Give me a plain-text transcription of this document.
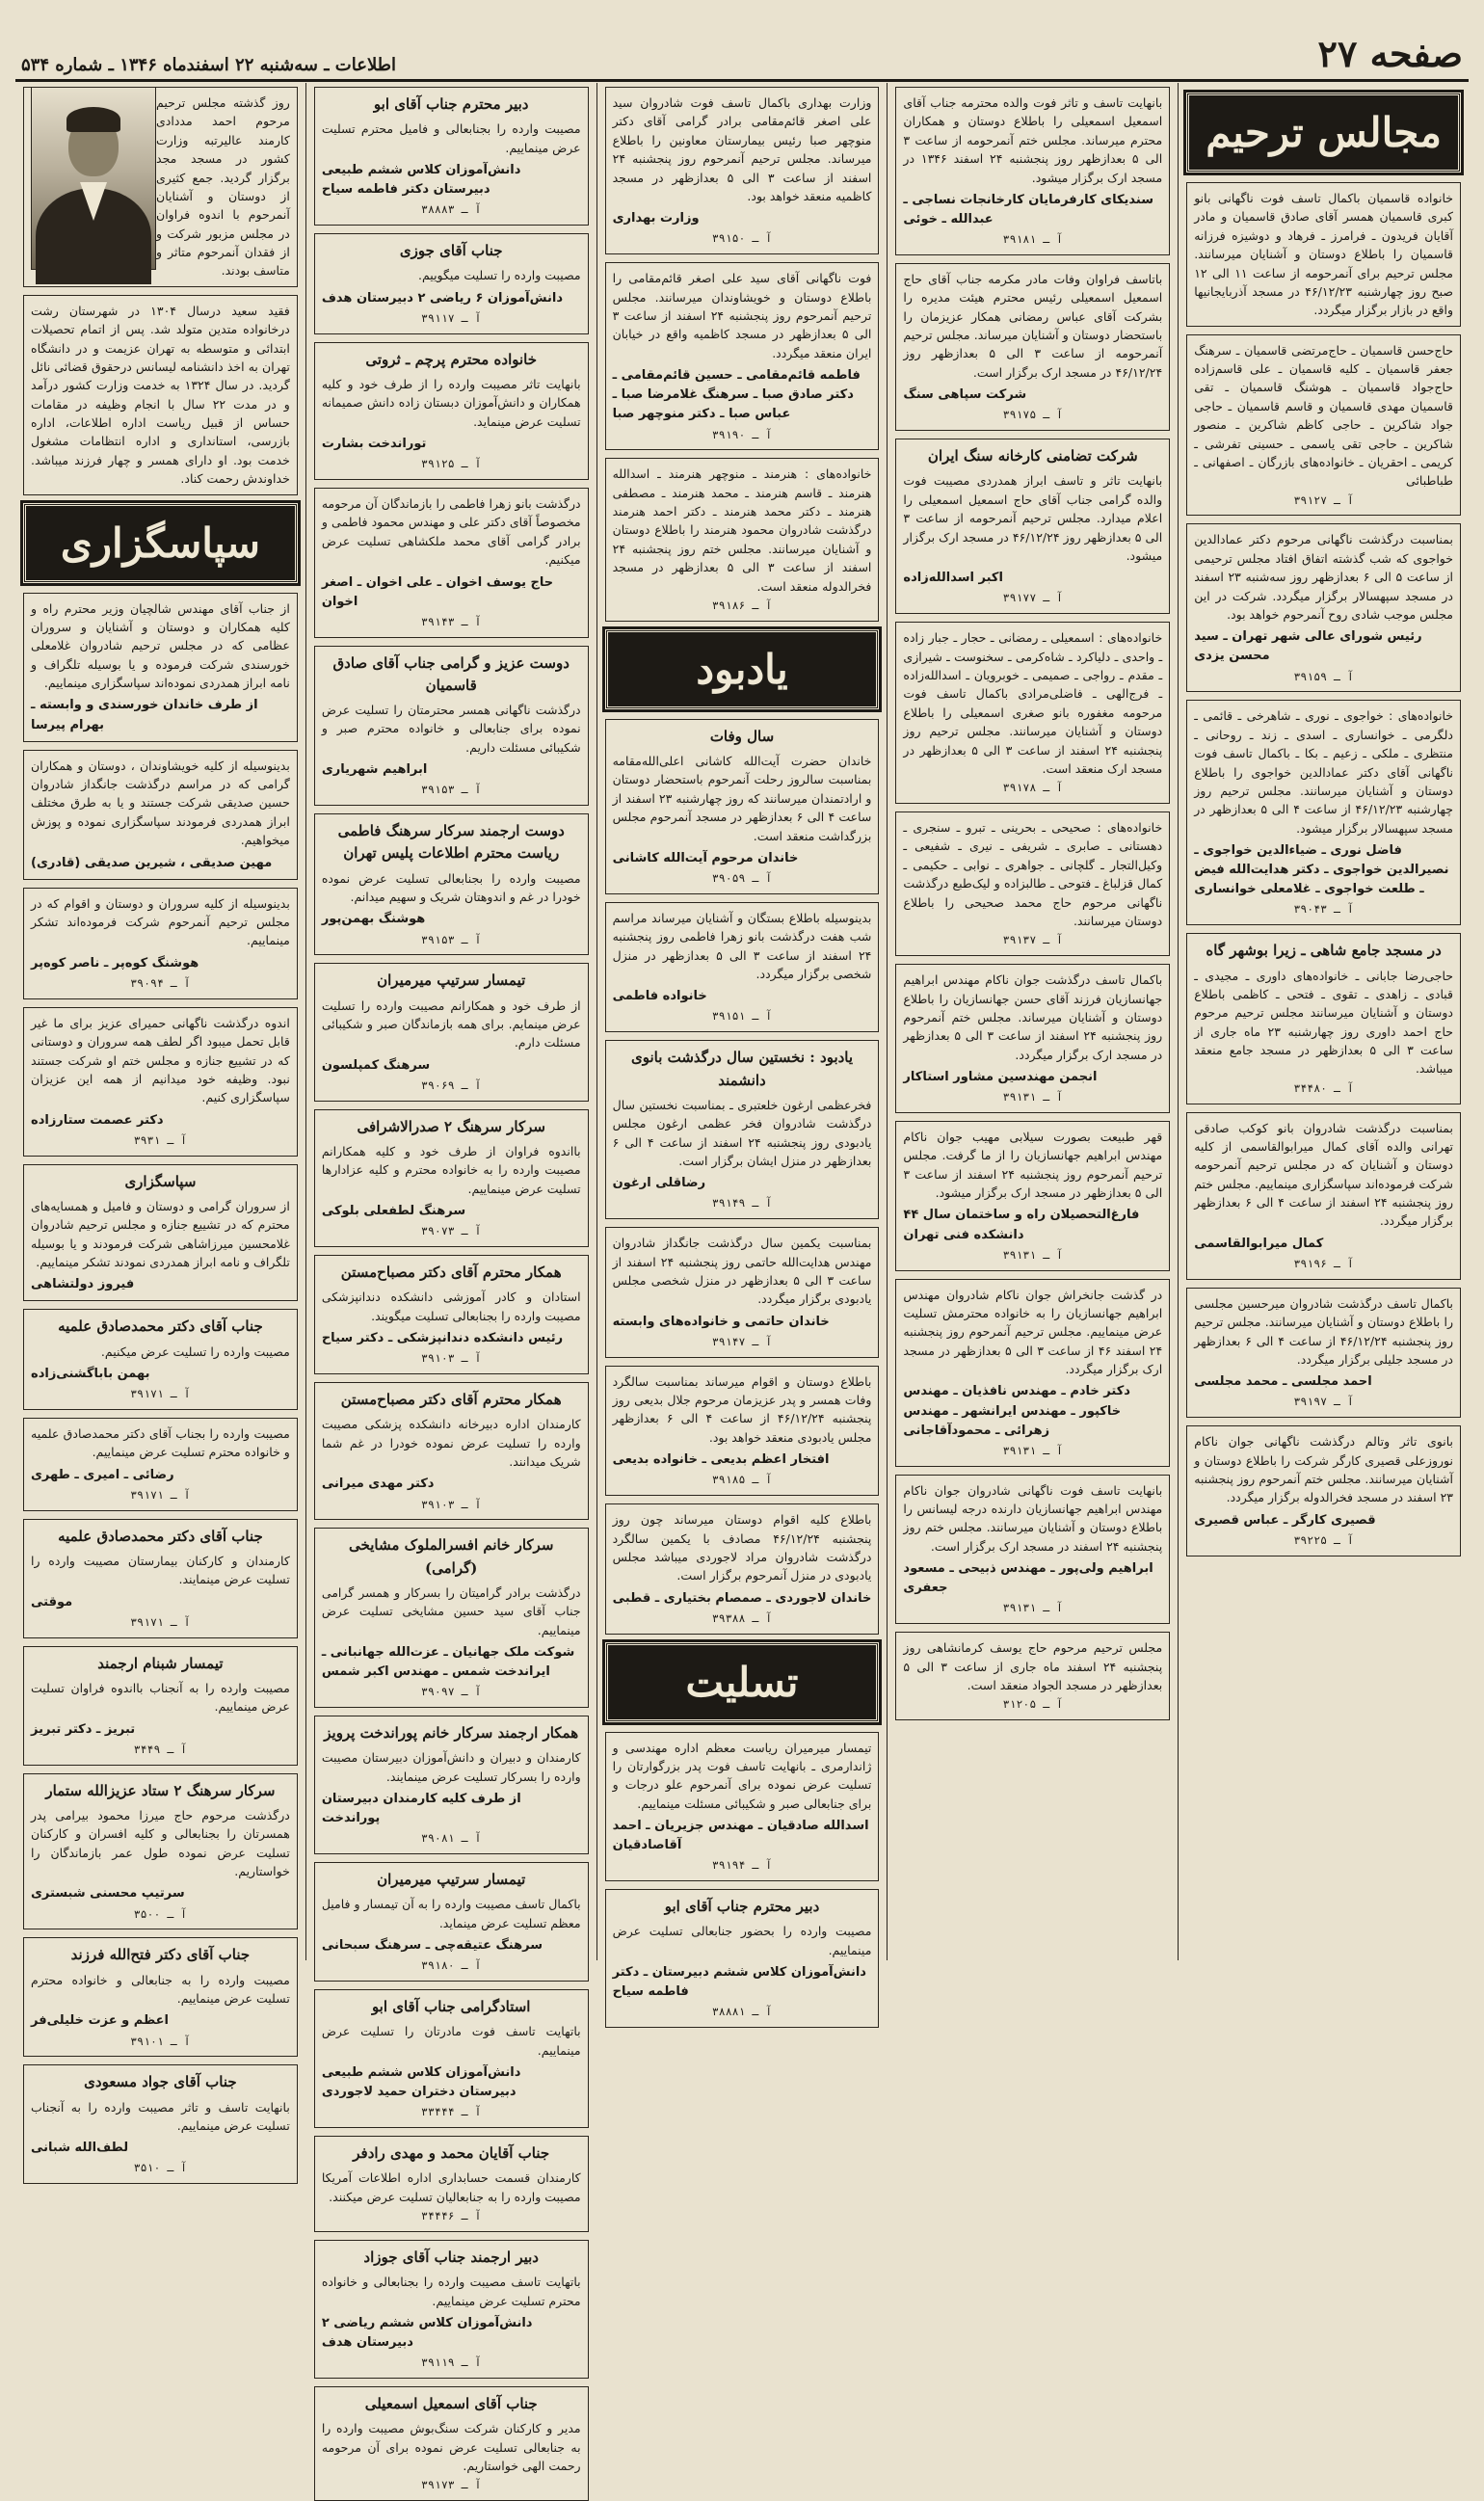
صفحه ۲۷
اطلاعات ـ سه‌شنبه ۲۲ اسفندماه ۱۳۴۶ ـ شماره ۵۳۴
مجالس ترحیم
خانواده قاسمیان باکمال تاسف فوت ناگهانی بانو کبری قاسمیان همسر آقای صادق قاسمیان و مادر آقایان فریدون ـ فرامرز ـ فرهاد و دوشیزه فرزانه قاسمیان را باطلاع دوستان و آشنایان میرسانند. مجلس ترحیم برای آنمرحومه از ساعت ۱۱ الی ۱۲ صبح روز چهارشنبه ۴۶/۱۲/۲۳ در مسجد آذربایجانیها واقع در بازار برگزار میگردد.
حاج‌حسن قاسمیان ـ حاج‌مرتضی قاسمیان ـ سرهنگ جعفر قاسمیان ـ کلیه قاسمیان ـ علی قاسم‌زاده حاج‌جواد قاسمیان ـ هوشنگ قاسمیان ـ تقی قاسمیان مهدی قاسمیان و قاسم قاسمیان ـ حاجی جواد شاکرین ـ حاجی کاظم شاکرین ـ منصور شاکرین ـ حاجی تقی یاسمی ـ حسینی تفرشی ـ کریمی ـ احقریان ـ خانواده‌های بازرگان ـ اصفهانی ـ طباطبائی
آ ـ ۳۹۱۲۷
بمناسبت درگذشت ناگهانی مرحوم دکتر عمادالدین خواجوی که شب گذشته اتفاق افتاد مجلس ترحیمی از ساعت ۵ الی ۶ بعدازظهر روز سه‌شنبه ۲۳ اسفند در مسجد سپهسالار برگزار میگردد. شرکت در این مجلس موجب شادی روح آنمرحوم خواهد بود.
رئیس شورای عالی شهر تهران ـ سید محسن یزدی
آ ـ ۳۹۱۵۹
خانواده‌های : خواجوی ـ نوری ـ شاهرخی ـ قائمی ـ دلگرمی ـ خوانساری ـ اسدی ـ زند ـ روحانی ـ منتظری ـ ملکی ـ زعیم ـ بکا ـ باکمال تاسف فوت ناگهانی آقای دکتر عمادالدین خواجوی را باطلاع دوستان و آشنایان میرسانند. مجلس ترحیم روز چهارشنبه ۴۶/۱۲/۲۳ از ساعت ۴ الی ۵ بعدازظهر در مسجد سپهسالار برگزار میشود.
فاضل نوری ـ ضیاءالدین خواجوی ـ نصیرالدین خواجوی ـ دکتر هدایت‌الله فیض ـ طلعت خواجوی ـ غلامعلی خوانساری
آ ـ ۳۹۰۴۳
در مسجد جامع شاهی ـ زیرا بوشهر گاه
حاجی‌رضا جابانی ـ خانواده‌های داوری ـ مجیدی ـ قبادی ـ زاهدی ـ تقوی ـ فتحی ـ کاظمی باطلاع دوستان و آشنایان میرسانند مجلس ترحیم مرحوم حاج احمد داوری روز چهارشنبه ۲۳ ماه جاری از ساعت ۳ الی ۵ بعدازظهر در مسجد جامع منعقد میباشد.
آ ـ ۳۴۴۸۰
بمناسبت درگذشت شادروان بانو کوکب صادقی تهرانی والده آقای کمال میرابوالقاسمی از کلیه دوستان و آشنایان که در مجلس ترحیم آنمرحومه شرکت فرموده‌اند سپاسگزاری مینماییم. مجلس ختم روز پنجشنبه ۲۴ اسفند از ساعت ۴ الی ۶ بعدازظهر برگزار میگردد.
کمال میرابوالقاسمی
آ ـ ۳۹۱۹۶
باکمال تاسف درگذشت شادروان میرحسین مجلسی را باطلاع دوستان و آشنایان میرسانند. مجلس ترحیم روز پنجشنبه ۴۶/۱۲/۲۴ از ساعت ۴ الی ۶ بعدازظهر در مسجد جلیلی برگزار میگردد.
احمد مجلسی ـ محمد مجلسی
آ ـ ۳۹۱۹۷
بانوی تاثر وتالم درگذشت ناگهانی جوان ناکام نوروزعلی قصیری کارگر شرکت را باطلاع دوستان و آشنایان میرسانند. مجلس ختم آنمرحوم روز پنجشنبه ۲۳ اسفند در مسجد فخرالدوله برگزار میگردد.
قصیری کارگر ـ عباس قصیری
آ ـ ۳۹۲۲۵
بانهایت تاسف و تاثر فوت والده محترمه جناب آقای اسمعیل اسمعیلی را باطلاع دوستان و همکاران محترم میرساند. مجلس ختم آنمرحومه از ساعت ۳ الی ۵ بعدازظهر روز پنجشنبه ۲۴ اسفند ۱۳۴۶ در مسجد ارک برگزار میشود.
سندیکای کارفرمایان کارخانجات نساجی ـ عبدالله ـ خوئی
آ ـ ۳۹۱۸۱
باتاسف فراوان وفات مادر مکرمه جناب آقای حاج اسمعیل اسمعیلی رئیس محترم هیئت مدیره را بشرکت آقای عباس رمضانی همکار عزیزمان را باستحضار دوستان و آشنایان میرساند. مجلس ترحیم آنمرحومه از ساعت ۳ الی ۵ بعدازظهر روز ۴۶/۱۲/۲۴ در مسجد ارک برگزار است.
شرکت سپاهی سنگ
آ ـ ۳۹۱۷۵
شرکت تضامنی کارخانه سنگ ایران
بانهایت تاثر و تاسف ابراز همدردی مصیبت فوت والده گرامی جناب آقای حاج اسمعیل اسمعیلی را اعلام میدارد. مجلس ترحیم آنمرحومه از ساعت ۳ الی ۵ بعدازظهر روز ۴۶/۱۲/۲۴ در مسجد ارک برگزار میشود.
اکبر اسدالله‌زاده
آ ـ ۳۹۱۷۷
خانواده‌های : اسمعیلی ـ رمضانی ـ حجار ـ جبار زاده ـ واحدی ـ دلیاکرد ـ شاه‌کرمی ـ سخنوست ـ شیرازی ـ مقدم ـ رواجی ـ صمیمی ـ خوبرویان ـ اسدالله‌زاده ـ فرج‌الهی ـ فاضلی‌مرادی باکمال تاسف فوت مرحومه مغفوره بانو صغری اسمعیلی را باطلاع دوستان و آشنایان میرسانند. مجلس ترحیم روز پنجشنبه ۲۴ اسفند از ساعت ۳ الی ۵ بعدازظهر در مسجد ارک منعقد است.
آ ـ ۳۹۱۷۸
خانواده‌های : صحیحی ـ بحرینی ـ تبرو ـ سنجری ـ دهستانی ـ صابری ـ شریفی ـ نیری ـ شفیعی ـ وکیل‌التجار ـ گلچانی ـ جواهری ـ نوابی ـ حکیمی ـ کمال قزلباغ ـ فتوحی ـ طالبزاده و لیک‌طبع درگذشت ناگهانی مرحوم حاج محمد صحیحی را باطلاع دوستان میرسانند.
آ ـ ۳۹۱۳۷
باکمال تاسف درگذشت جوان ناکام مهندس ابراهیم جهانسازیان فرزند آقای حسن جهانسازیان را باطلاع دوستان و آشنایان میرساند. مجلس ختم آنمرحوم روز پنجشنبه ۲۴ اسفند از ساعت ۳ الی ۵ بعدازظهر در مسجد ارک برگزار میگردد.
انجمن مهندسین مشاور استاکار
آ ـ ۳۹۱۳۱
قهر طبیعت بصورت سیلابی مهیب جوان ناکام مهندس ابراهیم جهانسازیان را از ما گرفت. مجلس ترحیم آنمرحوم روز پنجشنبه ۲۴ اسفند از ساعت ۳ الی ۵ بعدازظهر در مسجد ارک برگزار میشود.
فارغ‌التحصیلان راه و ساختمان سال ۴۴ دانشکده فنی تهران
آ ـ ۳۹۱۳۱
در گذشت جانخراش جوان ناکام شادروان مهندس ابراهیم جهانسازیان را به خانواده محترمش تسلیت عرض مینماییم. مجلس ترحیم آنمرحوم روز پنجشنبه ۲۴ اسفند ۴۶ از ساعت ۳ الی ۵ بعدازظهر در مسجد ارک برگزار میگردد.
دکتر خادم ـ مهندس نافذیان ـ مهندس خاکپور ـ مهندس ایرانشهر ـ مهندس زهرائی ـ محمودآقاجانی
آ ـ ۳۹۱۳۱
بانهایت تاسف فوت ناگهانی شادروان جوان ناکام مهندس ابراهیم جهانسازیان دارنده درجه لیسانس را باطلاع دوستان و آشنایان میرسانند. مجلس ختم روز پنجشنبه ۲۴ اسفند در مسجد ارک برگزار است.
ابراهیم ولی‌پور ـ مهندس ذبیحی ـ مسعود جعفری
آ ـ ۳۹۱۳۱
مجلس ترحیم مرحوم حاج یوسف کرمانشاهی روز پنجشنبه ۲۴ اسفند ماه جاری از ساعت ۳ الی ۵ بعدازظهر در مسجد الجواد منعقد است.
آ ـ ۳۱۲۰۵
وزارت بهداری باکمال تاسف فوت شادروان سید علی اصغر قائم‌مقامی برادر گرامی آقای دکتر منوچهر صبا رئیس بیمارستان معاونین را باطلاع میرساند. مجلس ترحیم آنمرحوم روز پنجشنبه ۲۴ اسفند از ساعت ۳ الی ۵ بعدازظهر در مسجد کاظمیه منعقد خواهد بود.
وزارت بهداری
آ ـ ۳۹۱۵۰
فوت ناگهانی آقای سید علی اصغر قائم‌مقامی را باطلاع دوستان و خویشاوندان میرسانند. مجلس ترحیم آنمرحوم روز پنجشنبه ۲۴ اسفند از ساعت ۳ الی ۵ بعدازظهر در مسجد کاظمیه واقع در خیابان ایران منعقد میگردد.
فاطمه قائم‌مقامی ـ حسین قائم‌مقامی ـ دکتر صادق صبا ـ سرهنگ غلامرضا صبا ـ عباس صبا ـ دکتر منوچهر صبا
آ ـ ۳۹۱۹۰
خانواده‌های : هنرمند ـ منوچهر هنرمند ـ اسدالله هنرمند ـ قاسم هنرمند ـ محمد هنرمند ـ مصطفی هنرمند ـ دکتر محمد هنرمند ـ دکتر احمد هنرمند درگذشت شادروان محمود هنرمند را باطلاع دوستان و آشنایان میرسانند. مجلس ختم روز پنجشنبه ۲۴ اسفند از ساعت ۳ الی ۵ بعدازظهر در مسجد فخرالدوله منعقد است.
آ ـ ۳۹۱۸۶
یادبود
سال وفات
خاندان حضرت آیت‌الله کاشانی اعلی‌الله‌مقامه بمناسبت سالروز رحلت آنمرحوم باستحضار دوستان و ارادتمندان میرسانند که روز چهارشنبه ۲۳ اسفند از ساعت ۴ الی ۶ بعدازظهر در مسجد آنمرحوم مجلس بزرگداشت منعقد است.
خاندان مرحوم آیت‌الله کاشانی
آ ـ ۳۹۰۵۹
بدینوسیله باطلاع بستگان و آشنایان میرساند مراسم شب هفت درگذشت بانو زهرا فاطمی روز پنجشنبه ۲۴ اسفند از ساعت ۳ الی ۵ بعدازظهر در منزل شخصی برگزار میگردد.
خانواده فاطمی
آ ـ ۳۹۱۵۱
یادبود : نخستین سال درگذشت بانوی دانشمند
فخرعظمی ارغون خلعتبری ـ بمناسبت نخستین سال درگذشت شادروان فخر عظمی ارغون مجلس یادبودی روز پنجشنبه ۲۴ اسفند از ساعت ۴ الی ۶ بعدازظهر در منزل ایشان برگزار است.
رضاقلی ارغون
آ ـ ۳۹۱۴۹
بمناسبت یکمین سال درگذشت جانگداز شادروان مهندس هدایت‌الله حاتمی روز پنجشنبه ۲۴ اسفند از ساعت ۳ الی ۵ بعدازظهر در منزل شخصی مجلس یادبودی برگزار میگردد.
خاندان حاتمی و خانواده‌های وابسته
آ ـ ۳۹۱۴۷
باطلاع دوستان و اقوام میرساند بمناسبت سالگرد وفات همسر و پدر عزیزمان مرحوم جلال بدیعی روز پنجشنبه ۴۶/۱۲/۲۴ از ساعت ۴ الی ۶ بعدازظهر مجلس یادبودی منعقد خواهد بود.
افتخار اعظم بدیعی ـ خانواده بدیعی
آ ـ ۳۹۱۸۵
باطلاع کلیه اقوام دوستان میرساند چون روز پنجشنبه ۴۶/۱۲/۲۴ مصادف با یکمین سالگرد درگذشت شادروان مراد لاجوردی میباشد مجلس یادبودی در منزل آنمرحوم برگزار است.
خاندان لاجوردی ـ صمصام بختیاری ـ قطبی
آ ـ ۳۹۳۸۸
تسلیت
تیمسار میرمیران ریاست معظم اداره مهندسی و ژاندارمری ـ بانهایت تاسف فوت پدر بزرگوارتان را تسلیت عرض نموده برای آنمرحوم علو درجات و برای جنابعالی صبر و شکیبائی مسئلت مینماییم.
اسدالله صادقیان ـ مهندس جزیریان ـ احمد آقاصادقیان
آ ـ ۳۹۱۹۴
دبیر محترم جناب آقای ابو
مصیبت وارده را بحضور جنابعالی تسلیت عرض مینماییم.
دانش‌آموزان کلاس ششم دبیرستان ـ دکتر فاطمه سیاح
آ ـ ۳۸۸۸۱
دبیر محترم جناب آقای ابو
مصیبت وارده را بجنابعالی و فامیل محترم تسلیت عرض مینماییم.
دانش‌آموزان کلاس ششم طبیعی دبیرستان دکتر فاطمه سیاح
آ ـ ۳۸۸۸۳
جناب آقای جوزی
مصیبت وارده را تسلیت میگوییم.
دانش‌آموزان ۶ ریاضی ۲ دبیرستان هدف
آ ـ ۳۹۱۱۷
خانواده محترم پرچم ـ ثروتی
بانهایت تاثر مصیبت وارده را از طرف خود و کلیه همکاران و دانش‌آموزان دبستان زاده دانش صمیمانه تسلیت عرض مینماید.
توراندخت بشارت
آ ـ ۳۹۱۲۵
درگذشت بانو زهرا فاطمی را بازماندگان آن مرحومه مخصوصاً آقای دکتر علی و مهندس محمود فاطمی و برادر گرامی آقای محمد ملکشاهی تسلیت عرض میکنیم.
حاج یوسف اخوان ـ علی اخوان ـ اصغر اخوان
آ ـ ۳۹۱۴۳
دوست عزیز و گرامی جناب آقای صادق قاسمیان
درگذشت ناگهانی همسر محترمتان را تسلیت عرض نموده برای جنابعالی و خانواده محترم صبر و شکیبائی مسئلت داریم.
ابراهیم شهریاری
آ ـ ۳۹۱۵۳
دوست ارجمند سرکار سرهنگ فاطمی ریاست محترم اطلاعات پلیس تهران
مصیبت وارده را بجنابعالی تسلیت عرض نموده خودرا در غم و اندوهتان شریک و سهیم میدانم.
هوشنگ بهمن‌پور
آ ـ ۳۹۱۵۳
تیمسار سرتیپ میرمیران
از طرف خود و همکارانم مصیبت وارده را تسلیت عرض مینمایم. برای همه بازماندگان صبر و شکیبائی مسئلت دارم.
سرهنگ کمپلسون
آ ـ ۳۹۰۶۹
سرکار سرهنگ ۲ صدرالاشرافی
بااندوه فراوان از طرف خود و کلیه همکارانم مصیبت وارده را به خانواده محترم و کلیه عزادارها تسلیت عرض مینماییم.
سرهنگ لطفعلی بلوکی
آ ـ ۳۹۰۷۳
همکار محترم آقای دکتر مصباح‌مستن
استادان و کادر آموزشی دانشکده دندانپزشکی مصیبت وارده را بجنابعالی تسلیت میگویند.
رئیس دانشکده دندانپزشکی ـ دکتر سیاح
آ ـ ۳۹۱۰۳
همکار محترم آقای دکتر مصباح‌مستن
کارمندان اداره دبیرخانه دانشکده پزشکی مصیبت وارده را تسلیت عرض نموده خودرا در غم شما شریک میدانند.
دکتر مهدی میرانی
آ ـ ۳۹۱۰۳
سرکار خانم افسرالملوک مشایخی (گرامی)
درگذشت برادر گرامیتان را بسرکار و همسر گرامی جناب آقای سید حسین مشایخی تسلیت عرض مینماییم.
شوکت ملک جهانیان ـ عزت‌الله جهانبانی ـ ایراندخت شمس ـ مهندس اکبر شمس
آ ـ ۳۹۰۹۷
همکار ارجمند سرکار خانم پوراندخت پرویز
کارمندان و دبیران و دانش‌آموزان دبیرستان مصیبت وارده را بسرکار تسلیت عرض مینمایند.
از طرف کلیه کارمندان دبیرستان پوراندخت
آ ـ ۳۹۰۸۱
تیمسار سرتیپ میرمیران
باکمال تاسف مصیبت وارده را به آن تیمسار و فامیل معظم تسلیت عرض مینماید.
سرهنگ عتیقه‌چی ـ سرهنگ سبحانی
آ ـ ۳۹۱۸۰
استادگرامی جناب آقای ابو
باتهایت تاسف فوت مادرتان را تسلیت عرض مینماییم.
دانش‌آموزان کلاس ششم طبیعی دبیرستان دختران حمید لاجوردی
آ ـ ۳۳۴۴۴
جناب آقایان محمد و مهدی رادفر
کارمندان قسمت حسابداری اداره اطلاعات آمریکا مصیبت وارده را به جنابعالیان تسلیت عرض میکنند.
آ ـ ۳۴۴۴۶
دبیر ارجمند جناب آقای جوزاد
باتهایت تاسف مصیبت وارده را بجنابعالی و خانواده محترم تسلیت عرض مینماییم.
دانش‌آموزان کلاس ششم ریاضی ۲ دبیرستان هدف
آ ـ ۳۹۱۱۹
جناب آقای اسمعیل اسمعیلی
مدیر و کارکنان شرکت سنگ‌بوش مصیبت وارده را به جنابعالی تسلیت عرض نموده برای آن مرحومه رحمت الهی خواستاریم.
آ ـ ۳۹۱۷۳
روز گذشته مجلس ترحیم مرحوم احمد مددادی کارمند عالیرتبه وزارت کشور در مسجد مجد برگزار گردید. جمع کثیری از دوستان و آشنایان آنمرحوم با اندوه فراوان در مجلس مزبور شرکت و از فقدان آنمرحوم متاثر و متاسف بودند.
فقید سعید درسال ۱۳۰۴ در شهرستان رشت درخانواده متدین متولد شد. پس از اتمام تحصیلات ابتدائی و متوسطه به تهران عزیمت و در دانشگاه تهران به اخذ دانشنامه لیسانس درحقوق قضائی نائل گردید. در سال ۱۳۲۴ به خدمت وزارت کشور درآمد و در مدت ۲۲ سال با انجام وظیفه در مقامات حساس از قبیل ریاست اداره اطلاعات، اداره بازرسی، استانداری و اداره انتظامات مشغول خدمت بود. او دارای همسر و چهار فرزند میباشد. خداوندش رحمت کناد.
سپاسگزاری
از جناب آقای مهندس شالچیان وزیر محترم راه و کلیه همکاران و دوستان و آشنایان و سروران عظامی که در مجلس ترحیم شادروان غلامعلی خورسندی شرکت فرموده و یا بوسیله تلگراف و نامه ابراز همدردی نموده‌اند سپاسگزاری مینماییم.
از طرف خاندان خورسندی و وابسته ـ بهرام پیرسا
بدینوسیله از کلیه خویشاوندان ، دوستان و همکاران گرامی که در مراسم درگذشت جانگداز شادروان حسین صدیقی شرکت جستند و یا به طرق مختلف ابراز همدردی فرمودند سپاسگزاری نموده و پوزش میخواهیم.
مهین صدیقی ، شیرین صدیقی (قادری)
بدینوسیله از کلیه سروران و دوستان و اقوام که در مجلس ترحیم آنمرحوم شرکت فرموده‌اند تشکر مینماییم.
هوشنگ کوه‌پر ـ ناصر کوه‌پر
آ ـ ۳۹۰۹۴
اندوه درگذشت ناگهانی حمیرای عزیز برای ما غیر قابل تحمل میبود اگر لطف همه سروران و دوستانی که در تشییع جنازه و مجلس ختم او شرکت جستند نبود. وظیفه خود میدانیم از همه این عزیزان سپاسگزاری کنیم.
دکتر عصمت ستارزاده
آ ـ ۳۹۳۱
سپاسگزاری
از سروران گرامی و دوستان و فامیل و همسایه‌های محترم که در تشییع جنازه و مجلس ترحیم شادروان غلامحسین میرزاشاهی شرکت فرمودند و یا بوسیله تلگراف و نامه ابراز همدردی نمودند تشکر مینماییم.
فیروز دولتشاهی
جناب آقای دکتر محمدصادق علمیه
مصیبت وارده را تسلیت عرض میکنیم.
بهمن باباگشنی‌زاده
آ ـ ۳۹۱۷۱
مصیبت وارده را بجناب آقای دکتر محمدصادق علمیه و خانواده محترم تسلیت عرض مینماییم.
رضائی ـ امیری ـ طهری
آ ـ ۳۹۱۷۱
جناب آقای دکتر محمدصادق علمیه
کارمندان و کارکنان بیمارستان مصیبت وارده را تسلیت عرض مینمایند.
موقتی
آ ـ ۳۹۱۷۱
تیمسار شبنام ارجمند
مصیبت وارده را به آنجناب بااندوه فراوان تسلیت عرض مینماییم.
تبریز ـ دکتر تبریز
آ ـ ۳۴۴۹
سرکار سرهنگ ۲ ستاد عزیزالله ستمار
درگذشت مرحوم حاج میرزا محمود بیرامی پدر همسرتان را بجنابعالی و کلیه افسران و کارکنان تسلیت عرض نموده طول عمر بازماندگان را خواستاریم.
سرتیپ محسنی شبستری
آ ـ ۳۵۰۰
جناب آقای دکتر فتح‌الله فرزند
مصیبت وارده را به جنابعالی و خانواده محترم تسلیت عرض مینماییم.
اعظم و عزت خلیلی‌فر
آ ـ ۳۹۱۰۱
جناب آقای جواد مسعودی
بانهایت تاسف و تاثر مصیبت وارده را به آنجناب تسلیت عرض مینماییم.
لطف‌الله شبانی
آ ـ ۳۵۱۰
